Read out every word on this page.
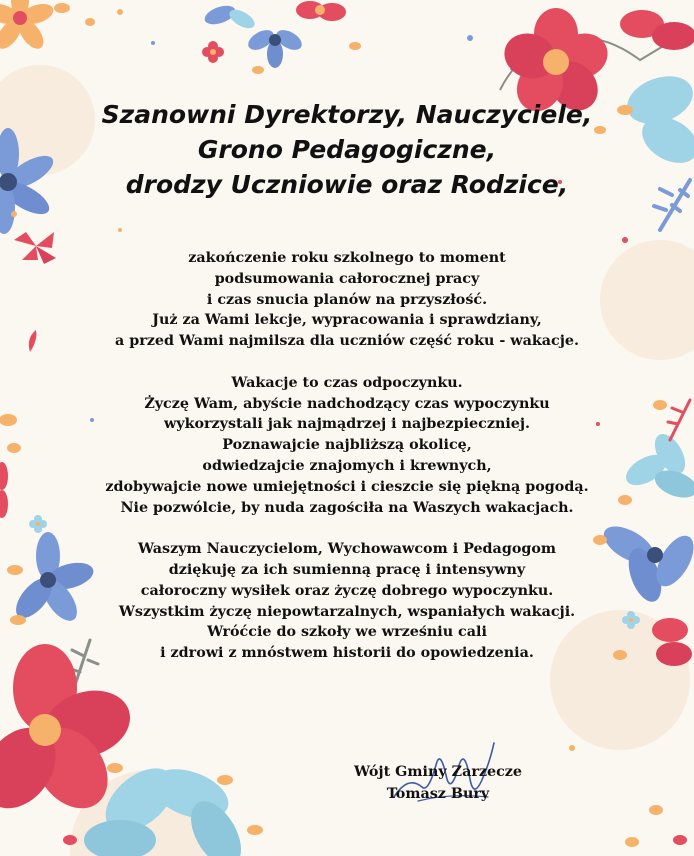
Szanowni Dyrektorzy, Nauczyciele,
Grono Pedagogiczne,
drodzy Uczniowie oraz Rodzice,
zakończenie roku szkolnego to moment
podsumowania całorocznej pracy
i czas snucia planów na przyszłość.
Już za Wami lekcje, wypracowania i sprawdziany,
a przed Wami najmilsza dla uczniów część roku - wakacje.
Wakacje to czas odpoczynku.
Życzę Wam, abyście nadchodzący czas wypoczynku
wykorzystali jak najmądrzej i najbezpieczniej.
Poznawajcie najbliższą okolicę,
odwiedzajcie znajomych i krewnych,
zdobywajcie nowe umiejętności i cieszcie się piękną pogodą.
Nie pozwólcie, by nuda zagościła na Waszych wakacjach.
Waszym Nauczycielom, Wychowawcom i Pedagogom
dziękuję za ich sumienną pracę i intensywny
całoroczny wysiłek oraz życzę dobrego wypoczynku.
Wszystkim życzę niepowtarzalnych, wspaniałych wakacji.
Wróćcie do szkoły we wrześniu cali
i zdrowi z mnóstwem historii do opowiedzenia.
Wójt Gminy Zarzecze
Tomasz Bury
